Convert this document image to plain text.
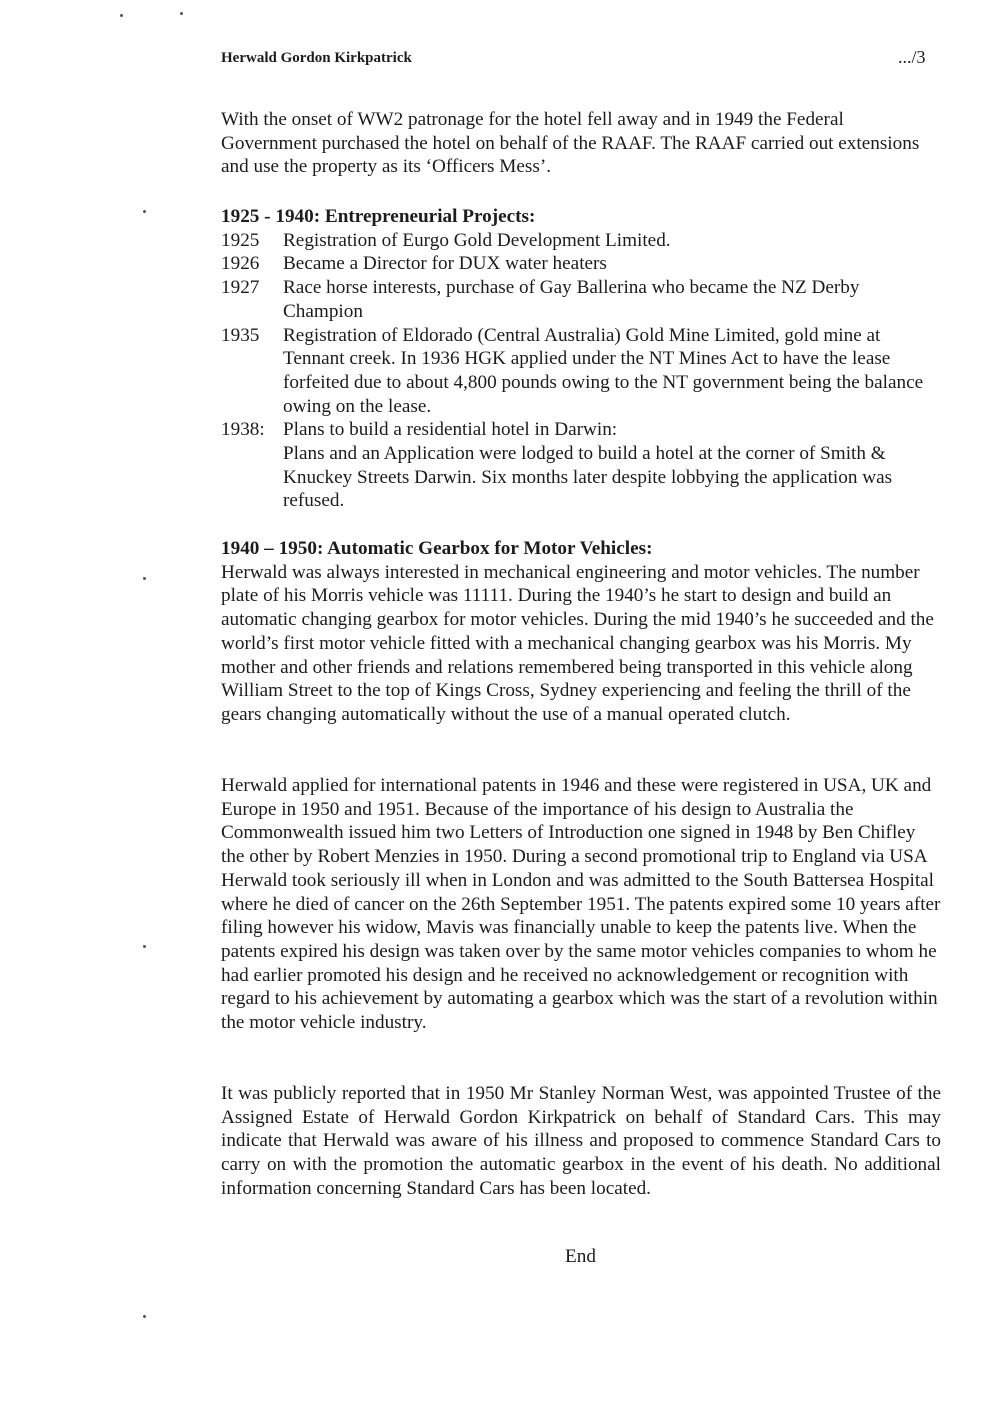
Herwald Gordon Kirkpatrick	.../3
With the onset of WW2 patronage for the hotel fell away and in 1949 the Federal Government purchased the hotel on behalf of the RAAF. The RAAF carried out extensions and use the property as its ‘Officers Mess’.
1925 - 1940: Entrepreneurial Projects:
1925	Registration of Eurgo Gold Development Limited.
1926	Became a Director for DUX water heaters
1927	Race horse interests, purchase of Gay Ballerina who became the NZ Derby Champion
1935	Registration of Eldorado (Central Australia) Gold Mine Limited, gold mine at Tennant creek. In 1936 HGK applied under the NT Mines Act to have the lease forfeited due to about 4,800 pounds owing to the NT government being the balance owing on the lease.
1938: Plans to build a residential hotel in Darwin:
Plans and an Application were lodged to build a hotel at the corner of Smith & Knuckey Streets Darwin. Six months later despite lobbying the application was refused.
1940 – 1950: Automatic Gearbox for Motor Vehicles:
Herwald was always interested in mechanical engineering and motor vehicles. The number plate of his Morris vehicle was 11111. During the 1940’s he start to design and build an automatic changing gearbox for motor vehicles. During the mid 1940’s he succeeded and the world’s first motor vehicle fitted with a mechanical changing gearbox was his Morris. My mother and other friends and relations remembered being transported in this vehicle along William Street to the top of Kings Cross, Sydney experiencing and feeling the thrill of the gears changing automatically without the use of a manual operated clutch.
Herwald applied for international patents in 1946 and these were registered in USA, UK and Europe in 1950 and 1951. Because of the importance of his design to Australia the Commonwealth issued him two Letters of Introduction one signed in 1948 by Ben Chifley the other by Robert Menzies in 1950. During a second promotional trip to England via USA Herwald took seriously ill when in London and was admitted to the South Battersea Hospital where he died of cancer on the 26th September 1951. The patents expired some 10 years after filing however his widow, Mavis was financially unable to keep the patents live. When the patents expired his design was taken over by the same motor vehicles companies to whom he had earlier promoted his design and he received no acknowledgement or recognition with regard to his achievement by automating a gearbox which was the start of a revolution within the motor vehicle industry.
It was publicly reported that in 1950 Mr Stanley Norman West, was appointed Trustee of the Assigned Estate of Herwald Gordon Kirkpatrick on behalf of Standard Cars. This may indicate that Herwald was aware of his illness and proposed to commence Standard Cars to carry on with the promotion the automatic gearbox in the event of his death. No additional information concerning Standard Cars has been located.
End
